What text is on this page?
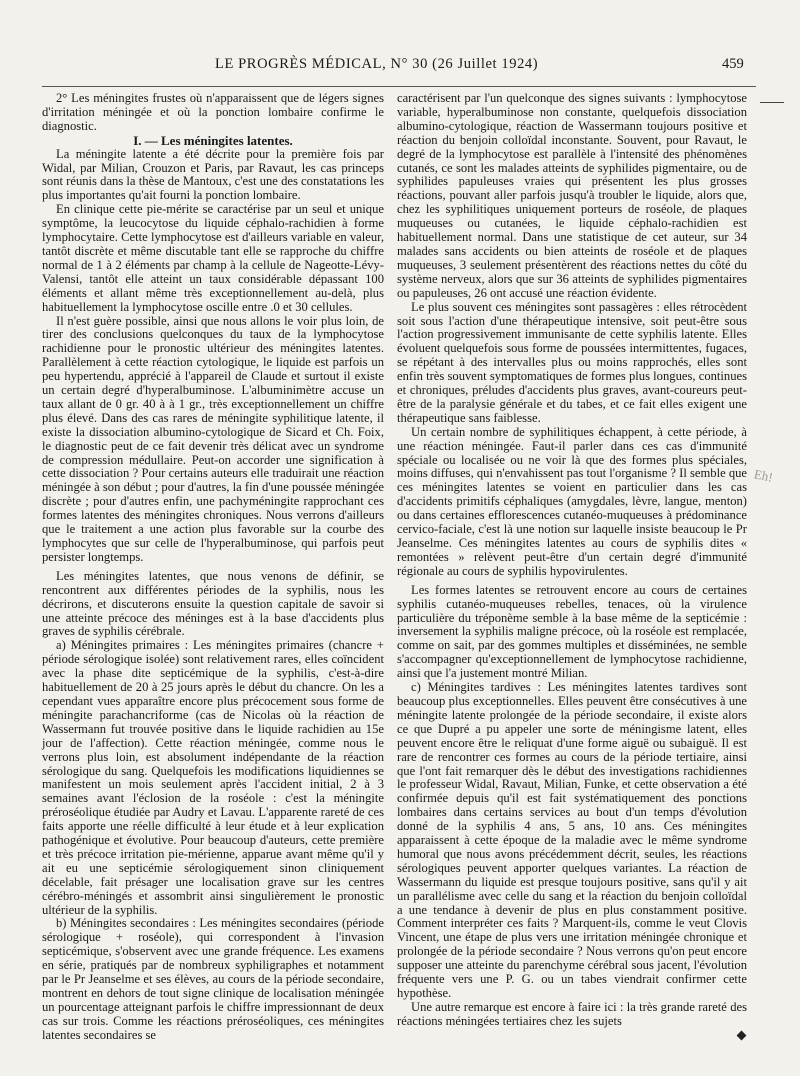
LE PROGRÈS MÉDICAL, N° 30 (26 Juillet 1924)	459

2° Les méningites frustes où n'apparaissent que de légers signes d'irritation méningée et où la ponction lombaire confirme le diagnostic.

I. — Les méningites latentes.

La méningite latente a été décrite pour la première fois par Widal, par Milian, Crouzon et Paris, par Ravaut, les cas princeps sont réunis dans la thèse de Mantoux, c'est une des constatations les plus importantes qu'ait fourni la ponction lombaire.

En clinique cette pie-mérite se caractérise par un seul et unique symptôme, la leucocytose du liquide céphalo-rachidien à forme lymphocytaire. Cette lymphocytose est d'ailleurs variable en valeur, tantôt discrète et même discutable tant elle se rapproche du chiffre normal de 1 à 2 éléments par champ à la cellule de Nageotte-Lévy-Valensi, tantôt elle atteint un taux considérable dépassant 100 éléments et allant même très exceptionnellement au-delà, plus habituellement la lymphocytose oscille entre .0 et 30 cellules.

Il n'est guère possible, ainsi que nous allons le voir plus loin, de tirer des conclusions quelconques du taux de la lymphocytose rachidienne pour le pronostic ultérieur des méningites latentes. Parallèlement à cette réaction cytologique, le liquide est parfois un peu hypertendu, apprécié à l'appareil de Claude et surtout il existe un certain degré d'hyperalbuminose. L'albuminimètre accuse un taux allant de 0 gr. 40 à à 1 gr., très exceptionnellement un chiffre plus élevé. Dans des cas rares de méningite syphilitique latente, il existe la dissociation albumino-cytologique de Sicard et Ch. Foix, le diagnostic peut de ce fait devenir très délicat avec un syndrome de compression médullaire. Peut-on accorder une signification à cette dissociation ? Pour certains auteurs elle traduirait une réaction méningée à son début ; pour d'autres, la fin d'une poussée méningée discrète ; pour d'autres enfin, une pachyméningite rapprochant ces formes latentes des méningites chroniques. Nous verrons d'ailleurs que le traitement a une action plus favorable sur la courbe des lymphocytes que sur celle de l'hyperalbuminose, qui parfois peut persister longtemps.

Les méningites latentes, que nous venons de définir, se rencontrent aux différentes périodes de la syphilis, nous les décrirons, et discuterons ensuite la question capitale de savoir si une atteinte précoce des méninges est à la base d'accidents plus graves de syphilis cérébrale.

a) Méningites primaires : Les méningites primaires (chancre + période sérologique isolée) sont relativement rares, elles coïncident avec la phase dite septicémique de la syphilis, c'est-à-dire habituellement de 20 à 25 jours après le début du chancre. On les a cependant vues apparaître encore plus précocement sous forme de méningite parachancriforme (cas de Nicolas où la réaction de Wassermann fut trouvée positive dans le liquide rachidien au 15e jour de l'affection). Cette réaction méningée, comme nous le verrons plus loin, est absolument indépendante de la réaction sérologique du sang. Quelquefois les modifications liquidiennes se manifestent un mois seulement après l'accident initial, 2 à 3 semaines avant l'éclosion de la roséole : c'est la méningite préroséolique étudiée par Audry et Lavau. L'apparente rareté de ces faits apporte une réelle difficulté à leur étude et à leur explication pathogénique et évolutive. Pour beaucoup d'auteurs, cette première et très précoce irritation pie-mérienne, apparue avant même qu'il y ait eu une septicémie sérologiquement sinon cliniquement décelable, fait présager une localisation grave sur les centres cérébro-méningés et assombrit ainsi singulièrement le pronostic ultérieur de la syphilis.

b) Méningites secondaires : Les méningites secondaires (période sérologique + roséole), qui correspondent à l'invasion septicémique, s'observent avec une grande fréquence. Les examens en série, pratiqués par de nombreux syphiligraphes et notamment par le Pr Jeanselme et ses élèves, au cours de la période secondaire, montrent en dehors de tout signe clinique de localisation méningée un pourcentage atteignant parfois le chiffre impressionnant de deux cas sur trois. Comme les réactions préroséoliques, ces méningites latentes secondaires se

caractérisent par l'un quelconque des signes suivants : lymphocytose variable, hyperalbuminose non constante, quelquefois dissociation albumino-cytologique, réaction de Wassermann toujours positive et réaction du benjoin colloïdal inconstante. Souvent, pour Ravaut, le degré de la lymphocytose est parallèle à l'intensité des phénomènes cutanés, ce sont les malades atteints de syphilides pigmentaire, ou de syphilides papuleuses vraies qui présentent les plus grosses réactions, pouvant aller parfois jusqu'à troubler le liquide, alors que, chez les syphilitiques uniquement porteurs de roséole, de plaques muqueuses ou cutanées, le liquide céphalo-rachidien est habituellement normal. Dans une statistique de cet auteur, sur 34 malades sans accidents ou bien atteints de roséole et de plaques muqueuses, 3 seulement présentèrent des réactions nettes du côté du système nerveux, alors que sur 36 atteints de syphilides pigmentaires ou papuleuses, 26 ont accusé une réaction évidente.

Le plus souvent ces méningites sont passagères : elles rétrocèdent soit sous l'action d'une thérapeutique intensive, soit peut-être sous l'action progressivement immunisante de cette syphilis latente. Elles évoluent quelquefois sous forme de poussées intermittentes, fugaces, se répétant à des intervalles plus ou moins rapprochés, elles sont enfin très souvent symptomatiques de formes plus longues, continues et chroniques, préludes d'accidents plus graves, avant-coureurs peut-être de la paralysie générale et du tabes, et ce fait elles exigent une thérapeutique sans faiblesse.

Un certain nombre de syphilitiques échappent, à cette période, à une réaction méningée. Faut-il parler dans ces cas d'immunité spéciale ou localisée ou ne voir là que des formes plus spéciales, moins diffuses, qui n'envahissent pas tout l'organisme ? Il semble que ces méningites latentes se voient en particulier dans les cas d'accidents primitifs céphaliques (amygdales, lèvre, langue, menton) ou dans certaines efflorescences cutanéo-muqueuses à prédominance cervico-faciale, c'est là une notion sur laquelle insiste beaucoup le Pr Jeanselme. Ces méningites latentes au cours de syphilis dites « remontées » relèvent peut-être d'un certain degré d'immunité régionale au cours de syphilis hypovirulentes.

Les formes latentes se retrouvent encore au cours de certaines syphilis cutanéo-muqueuses rebelles, tenaces, où la virulence particulière du tréponème semble à la base même de la septicémie : inversement la syphilis maligne précoce, où la roséole est remplacée, comme on sait, par des gommes multiples et disséminées, ne semble s'accompagner qu'exceptionnellement de lymphocytose rachidienne, ainsi que l'a justement montré Milian.

c) Méningites tardives : Les méningites latentes tardives sont beaucoup plus exceptionnelles. Elles peuvent être consécutives à une méningite latente prolongée de la période secondaire, il existe alors ce que Dupré a pu appeler une sorte de méningisme latent, elles peuvent encore être le reliquat d'une forme aiguë ou subaiguë. Il est rare de rencontrer ces formes au cours de la période tertiaire, ainsi que l'ont fait remarquer dès le début des investigations rachidiennes le professeur Widal, Ravaut, Milian, Funke, et cette observation a été confirmée depuis qu'il est fait systématiquement des ponctions lombaires dans certains services au bout d'un temps d'évolution donné de la syphilis 4 ans, 5 ans, 10 ans. Ces méningites apparaissent à cette époque de la maladie avec le même syndrome humoral que nous avons précédemment décrit, seules, les réactions sérologiques peuvent apporter quelques variantes. La réaction de Wassermann du liquide est presque toujours positive, sans qu'il y ait un parallélisme avec celle du sang et la réaction du benjoin colloïdal a une tendance à devenir de plus en plus constamment positive. Comment interpréter ces faits ? Marquent-ils, comme le veut Clovis Vincent, une étape de plus vers une irritation méningée chronique et prolongée de la période secondaire ? Nous verrons qu'on peut encore supposer une atteinte du parenchyme cérébral sous jacent, l'évolution fréquente vers une P. G. ou un tabes viendrait confirmer cette hypothèse.

Une autre remarque est encore à faire ici : la très grande rareté des réactions méningées tertiaires chez les sujets

Eh!
